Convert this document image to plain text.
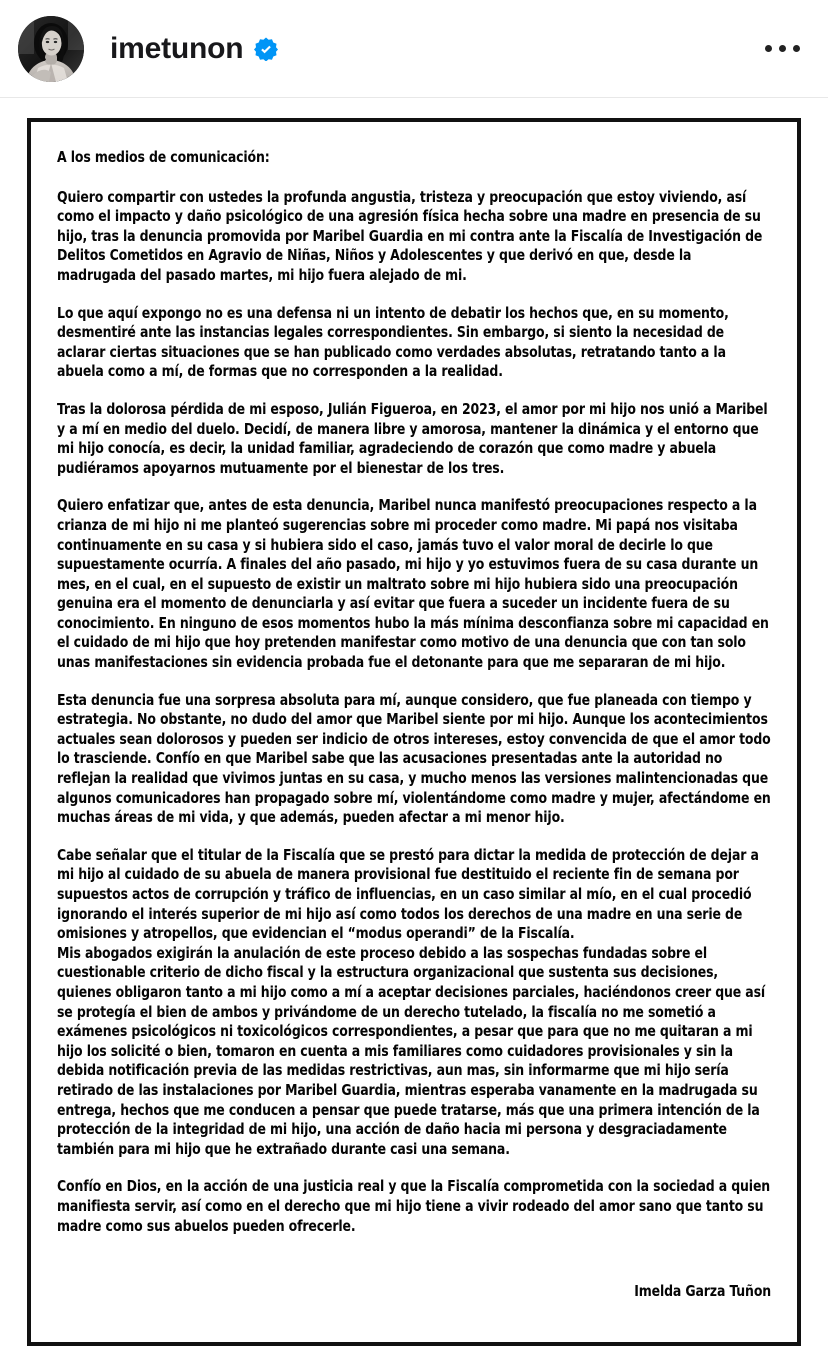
imetunon

A los medios de comunicación:

Quiero compartir con ustedes la profunda angustia, tristeza y preocupación que estoy viviendo, así como el impacto y daño psicológico de una agresión física hecha sobre una madre en presencia de su hijo, tras la denuncia promovida por Maribel Guardia en mi contra ante la Fiscalía de Investigación de Delitos Cometidos en Agravio de Niñas, Niños y Adolescentes y que derivó en que, desde la madrugada del pasado martes, mi hijo fuera alejado de mi.

Lo que aquí expongo no es una defensa ni un intento de debatir los hechos que, en su momento, desmentiré ante las instancias legales correspondientes. Sin embargo, si siento la necesidad de aclarar ciertas situaciones que se han publicado como verdades absolutas, retratando tanto a la abuela como a mí, de formas que no corresponden a la realidad.

Tras la dolorosa pérdida de mi esposo, Julián Figueroa, en 2023, el amor por mi hijo nos unió a Maribel y a mí en medio del duelo. Decidí, de manera libre y amorosa, mantener la dinámica y el entorno que mi hijo conocía, es decir, la unidad familiar, agradeciendo de corazón que como madre y abuela pudiéramos apoyarnos mutuamente por el bienestar de los tres.

Quiero enfatizar que, antes de esta denuncia, Maribel nunca manifestó preocupaciones respecto a la crianza de mi hijo ni me planteó sugerencias sobre mi proceder como madre. Mi papá nos visitaba continuamente en su casa y si hubiera sido el caso, jamás tuvo el valor moral de decirle lo que supuestamente ocurría. A finales del año pasado, mi hijo y yo estuvimos fuera de su casa durante un mes, en el cual, en el supuesto de existir un maltrato sobre mi hijo hubiera sido una preocupación genuina era el momento de denunciarla y así evitar que fuera a suceder un incidente fuera de su conocimiento. En ninguno de esos momentos hubo la más mínima desconfianza sobre mi capacidad en el cuidado de mi hijo que hoy pretenden manifestar como motivo de una denuncia que con tan solo unas manifestaciones sin evidencia probada fue el detonante para que me separaran de mi hijo.

Esta denuncia fue una sorpresa absoluta para mí, aunque considero, que fue planeada con tiempo y estrategia. No obstante, no dudo del amor que Maribel siente por mi hijo. Aunque los acontecimientos actuales sean dolorosos y pueden ser indicio de otros intereses, estoy convencida de que el amor todo lo trasciende. Confío en que Maribel sabe que las acusaciones presentadas ante la autoridad no reflejan la realidad que vivimos juntas en su casa, y mucho menos las versiones malintencionadas que algunos comunicadores han propagado sobre mí, violentándome como madre y mujer, afectándome en muchas áreas de mi vida, y que además, pueden afectar a mi menor hijo.

Cabe señalar que el titular de la Fiscalía que se prestó para dictar la medida de protección de dejar a mi hijo al cuidado de su abuela de manera provisional fue destituido el reciente fin de semana por supuestos actos de corrupción y tráfico de influencias, en un caso similar al mío, en el cual procedió ignorando el interés superior de mi hijo así como todos los derechos de una madre en una serie de omisiones y atropellos, que evidencian el “modus operandi” de la Fiscalía.

Mis abogados exigirán la anulación de este proceso debido a las sospechas fundadas sobre el cuestionable criterio de dicho fiscal y la estructura organizacional que sustenta sus decisiones, quienes obligaron tanto a mi hijo como a mí a aceptar decisiones parciales, haciéndonos creer que así se protegía el bien de ambos y privándome de un derecho tutelado, la fiscalía no me sometió a exámenes psicológicos ni toxicológicos correspondientes, a pesar que para que no me quitaran a mi hijo los solicité o bien, tomaron en cuenta a mis familiares como cuidadores provisionales y sin la debida notificación previa de las medidas restrictivas, aun mas, sin informarme que mi hijo sería retirado de las instalaciones por Maribel Guardia, mientras esperaba vanamente en la madrugada su entrega, hechos que me conducen a pensar que puede tratarse, más que una primera intención de la protección de la integridad de mi hijo, una acción de daño hacia mi persona y desgraciadamente también para mi hijo que he extrañado durante casi una semana.

Confío en Dios, en la acción de una justicia real y que la Fiscalía comprometida con la sociedad a quien manifiesta servir, así como en el derecho que mi hijo tiene a vivir rodeado del amor sano que tanto su madre como sus abuelos pueden ofrecerle.

Imelda Garza Tuñon
